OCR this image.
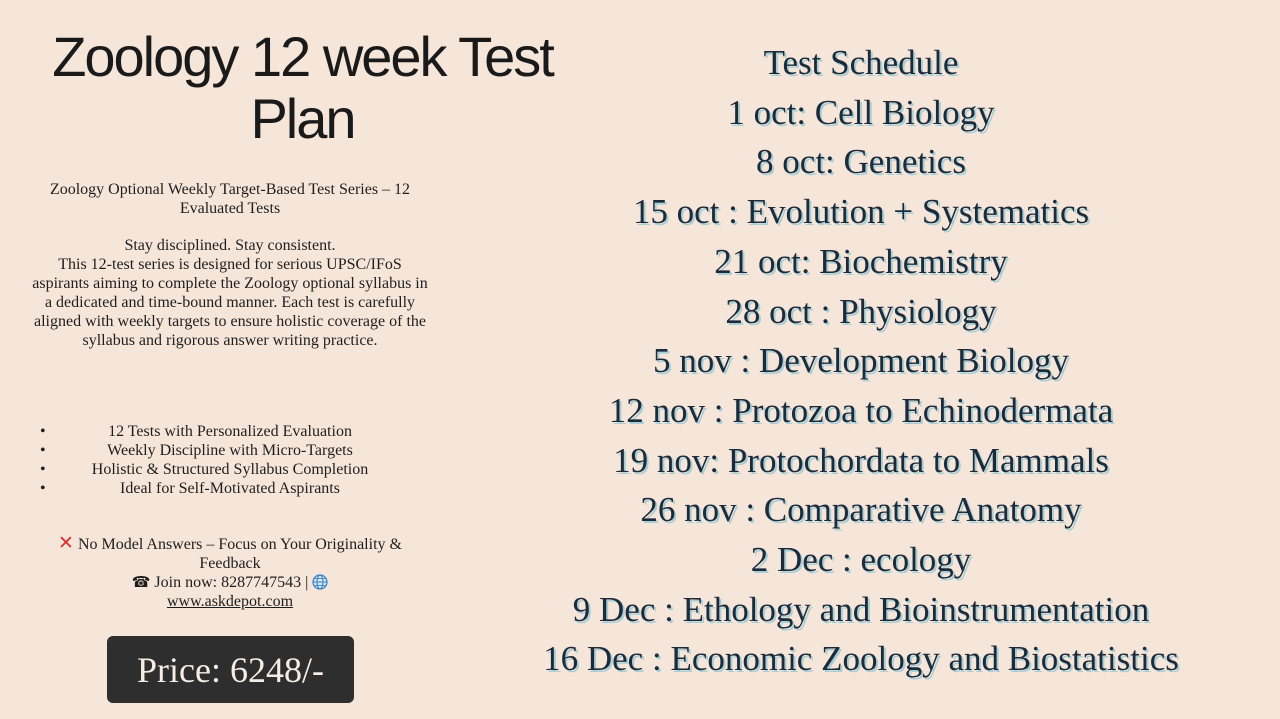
Zoology 12 week Test Plan
Zoology Optional Weekly Target-Based Test Series – 12 Evaluated Tests
Stay disciplined. Stay consistent.
This 12-test series is designed for serious UPSC/IFoS aspirants aiming to complete the Zoology optional syllabus in a dedicated and time-bound manner. Each test is carefully aligned with weekly targets to ensure holistic coverage of the syllabus and rigorous answer writing practice.
•	12 Tests with Personalized Evaluation
•	Weekly Discipline with Micro-Targets
•	Holistic & Structured Syllabus Completion
•	Ideal for Self-Motivated Aspirants
✕ No Model Answers – Focus on Your Originality & Feedback
☎ Join now: 8287747543 |
www.askdepot.com
Price: 6248/-
Test Schedule
1 oct: Cell Biology
8 oct: Genetics
15 oct : Evolution + Systematics
21 oct: Biochemistry
28 oct : Physiology
5 nov : Development Biology
12 nov : Protozoa to Echinodermata
19 nov: Protochordata to Mammals
26 nov : Comparative Anatomy
2 Dec : ecology
9 Dec : Ethology and Bioinstrumentation
16 Dec : Economic Zoology and Biostatistics
